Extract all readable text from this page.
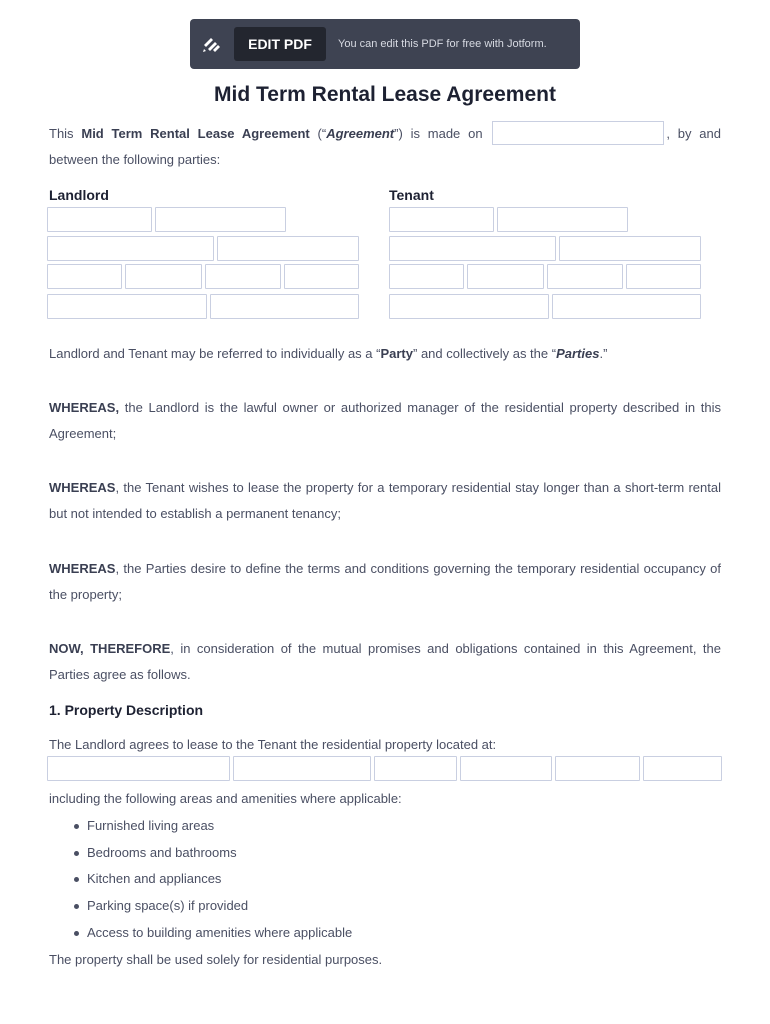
EDIT PDF	You can edit this PDF for free with Jotform.
Mid Term Rental Lease Agreement
This Mid Term Rental Lease Agreement (“Agreement”) is made on	, by and between the following parties:
Landlord	Tenant
Landlord and Tenant may be referred to individually as a “Party” and collectively as the “Parties.”
WHEREAS, the Landlord is the lawful owner or authorized manager of the residential property described in this Agreement;
WHEREAS, the Tenant wishes to lease the property for a temporary residential stay longer than a short-term rental but not intended to establish a permanent tenancy;
WHEREAS, the Parties desire to define the terms and conditions governing the temporary residential occupancy of the property;
NOW, THEREFORE, in consideration of the mutual promises and obligations contained in this Agreement, the Parties agree as follows.
1. Property Description
The Landlord agrees to lease to the Tenant the residential property located at:
including the following areas and amenities where applicable:
Furnished living areas
Bedrooms and bathrooms
Kitchen and appliances
Parking space(s) if provided
Access to building amenities where applicable
The property shall be used solely for residential purposes.
